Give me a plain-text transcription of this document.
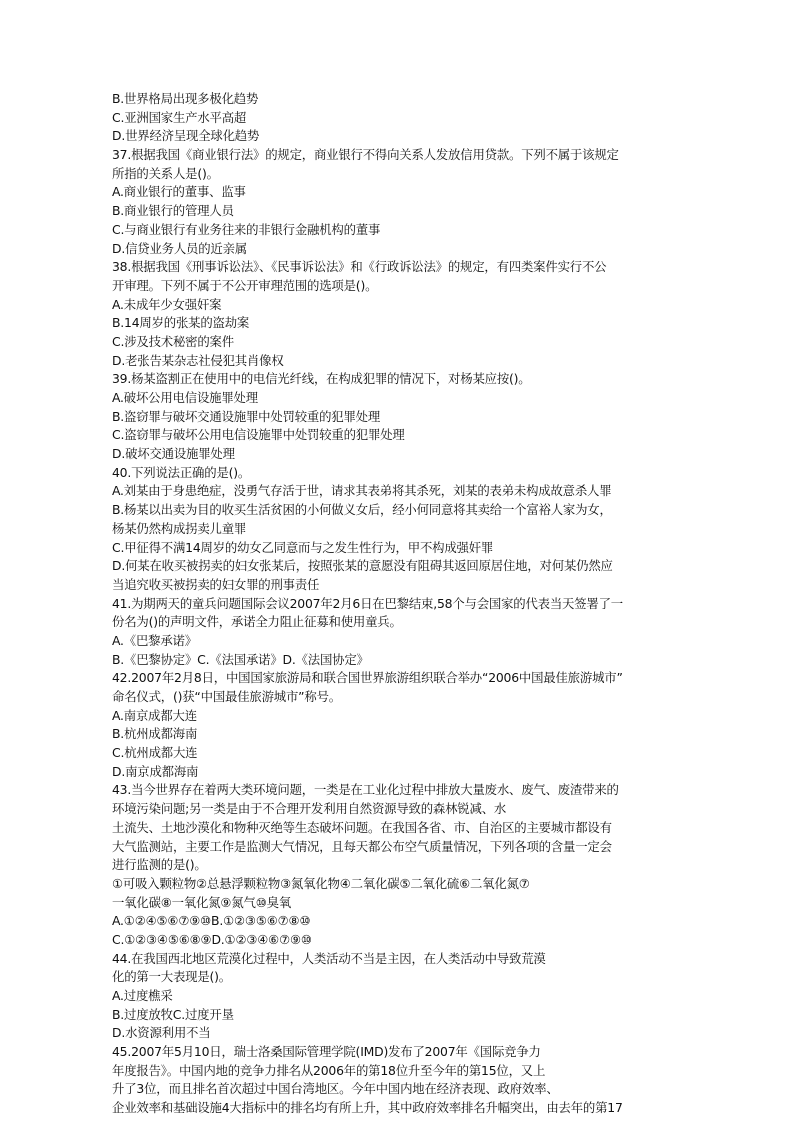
B.世界格局出现多极化趋势
C.亚洲国家生产水平高超
D.世界经济呈现全球化趋势
37.根据我国《商业银行法》的规定，商业银行不得向关系人发放信用贷款。下列不属于该规定
所指的关系人是()。
A.商业银行的董事、监事
B.商业银行的管理人员
C.与商业银行有业务往来的非银行金融机构的董事
D.信贷业务人员的近亲属
38.根据我国《刑事诉讼法》、《民事诉讼法》和《行政诉讼法》的规定，有四类案件实行不公
开审理。下列不属于不公开审理范围的选项是()。
A.未成年少女强奸案
B.14周岁的张某的盗劫案
C.涉及技术秘密的案件
D.老张告某杂志社侵犯其肖像权
39.杨某盗割正在使用中的电信光纤线，在构成犯罪的情况下，对杨某应按()。
A.破坏公用电信设施罪处理
B.盗窃罪与破坏交通设施罪中处罚较重的犯罪处理
C.盗窃罪与破坏公用电信设施罪中处罚较重的犯罪处理
D.破坏交通设施罪处理
40.下列说法正确的是()。
A.刘某由于身患绝症，没勇气存活于世，请求其表弟将其杀死，刘某的表弟未构成故意杀人罪
B.杨某以出卖为目的收买生活贫困的小何做义女后，经小何同意将其卖给一个富裕人家为女，
杨某仍然构成拐卖儿童罪
C.甲征得不满14周岁的幼女乙同意而与之发生性行为，甲不构成强奸罪
D.何某在收买被拐卖的妇女张某后，按照张某的意愿没有阻碍其返回原居住地，对何某仍然应
当追究收买被拐卖的妇女罪的刑事责任
41.为期两天的童兵问题国际会议2007年2月6日在巴黎结束,58个与会国家的代表当天签署了一
份名为()的声明文件，承诺全力阻止征募和使用童兵。
A.《巴黎承诺》
B.《巴黎协定》C.《法国承诺》D.《法国协定》
42.2007年2月8日，中国国家旅游局和联合国世界旅游组织联合举办“2006中国最佳旅游城市”
命名仪式，()获“中国最佳旅游城市”称号。
A.南京成都大连
B.杭州成都海南
C.杭州成都大连
D.南京成都海南
43.当今世界存在着两大类环境问题，一类是在工业化过程中排放大量废水、废气、废渣带来的
环境污染问题;另一类是由于不合理开发利用自然资源导致的森林锐减、水
土流失、土地沙漠化和物种灭绝等生态破坏问题。在我国各省、市、自治区的主要城市都设有
大气监测站，主要工作是监测大气情况，且每天都公布空气质量情况，下列各项的含量一定会
进行监测的是()。
①可吸入颗粒物②总悬浮颗粒物③氮氧化物④二氧化碳⑤二氧化硫⑥二氧化氮⑦
一氧化碳⑧一氧化氮⑨氮气⑩臭氧
A.①②④⑤⑥⑦⑨⑩B.①②③⑤⑥⑦⑧⑩
C.①②③④⑤⑥⑧⑨D.①②③④⑥⑦⑨⑩
44.在我国西北地区荒漠化过程中，人类活动不当是主因，在人类活动中导致荒漠
化的第一大表现是()。
A.过度樵采
B.过度放牧C.过度开垦
D.水资源利用不当
45.2007年5月10日，瑞士洛桑国际管理学院(IMD)发布了2007年《国际竞争力
年度报告》。中国内地的竞争力排名从2006年的第18位升至今年的第15位，又上
升了3位，而且排名首次超过中国台湾地区。今年中国内地在经济表现、政府效率、
企业效率和基础设施4大指标中的排名均有所上升，其中政府效率排名升幅突出，由去年的第17
